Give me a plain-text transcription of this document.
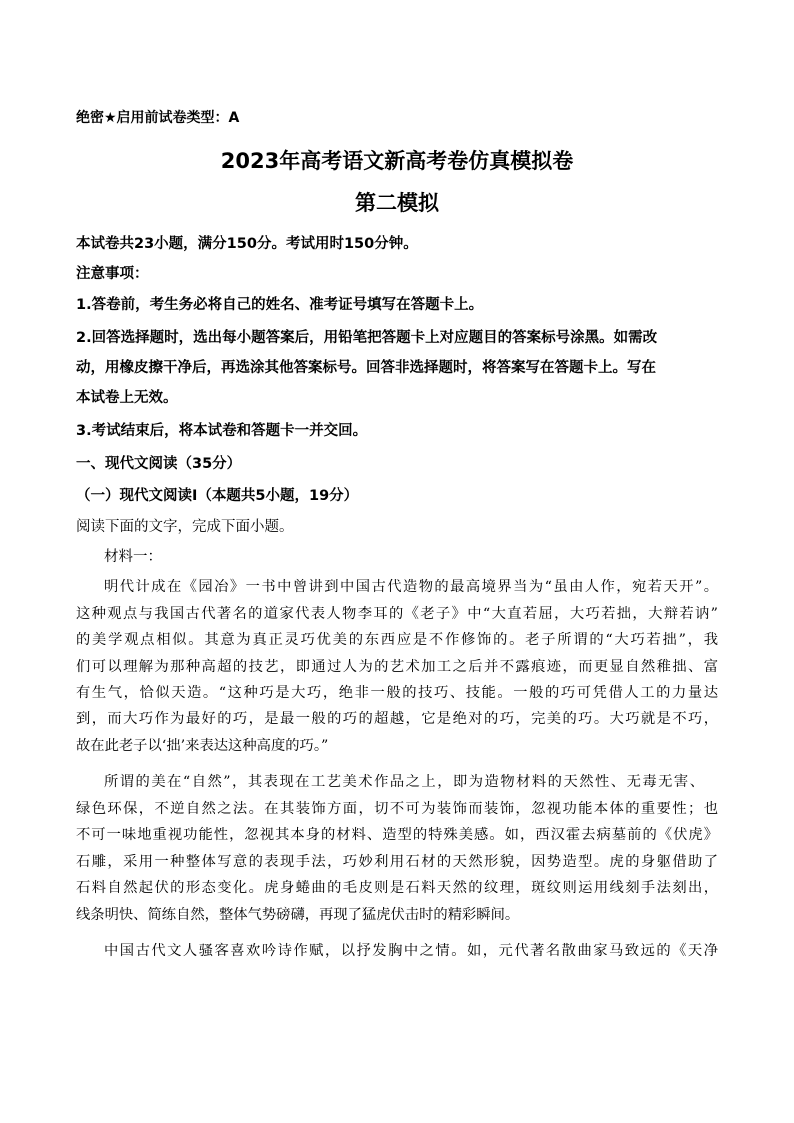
绝密★启用前试卷类型：A
2023年高考语文新高考卷仿真模拟卷
第二模拟
本试卷共23小题，满分150分。考试用时150分钟。
注意事项：
1.答卷前，考生务必将自己的姓名、准考证号填写在答题卡上。
2.回答选择题时，选出每小题答案后，用铅笔把答题卡上对应题目的答案标号涂黑。如需改
动，用橡皮擦干净后，再选涂其他答案标号。回答非选择题时，将答案写在答题卡上。写在
本试卷上无效。
3.考试结束后，将本试卷和答题卡一并交回。
一、现代文阅读（35分）
（一）现代文阅读Ⅰ（本题共5小题，19分）
阅读下面的文字，完成下面小题。
材料一：
明代计成在《园冶》一书中曾讲到中国古代造物的最高境界当为“虽由人作，宛若天开”。
这种观点与我国古代著名的道家代表人物李耳的《老子》中“大直若屈，大巧若拙，大辩若讷”
的美学观点相似。其意为真正灵巧优美的东西应是不作修饰的。老子所谓的“大巧若拙”，我
们可以理解为那种高超的技艺，即通过人为的艺术加工之后并不露痕迹，而更显自然稚拙、富
有生气，恰似天造。“这种巧是大巧，绝非一般的技巧、技能。一般的巧可凭借人工的力量达
到，而大巧作为最好的巧，是最一般的巧的超越，它是绝对的巧，完美的巧。大巧就是不巧，
故在此老子以‘拙’来表达这种高度的巧。”
所谓的美在“自然”，其表现在工艺美术作品之上，即为造物材料的天然性、无毒无害、
绿色环保，不逆自然之法。在其装饰方面，切不可为装饰而装饰，忽视功能本体的重要性；也
不可一味地重视功能性，忽视其本身的材料、造型的特殊美感。如，西汉霍去病墓前的《伏虎》
石雕，采用一种整体写意的表现手法，巧妙利用石材的天然形貌，因势造型。虎的身躯借助了
石料自然起伏的形态变化。虎身蜷曲的毛皮则是石料天然的纹理，斑纹则运用线刻手法刻出，
线条明快、简练自然，整体气势磅礴，再现了猛虎伏击时的精彩瞬间。
中国古代文人骚客喜欢吟诗作赋，以抒发胸中之情。如，元代著名散曲家马致远的《天净
